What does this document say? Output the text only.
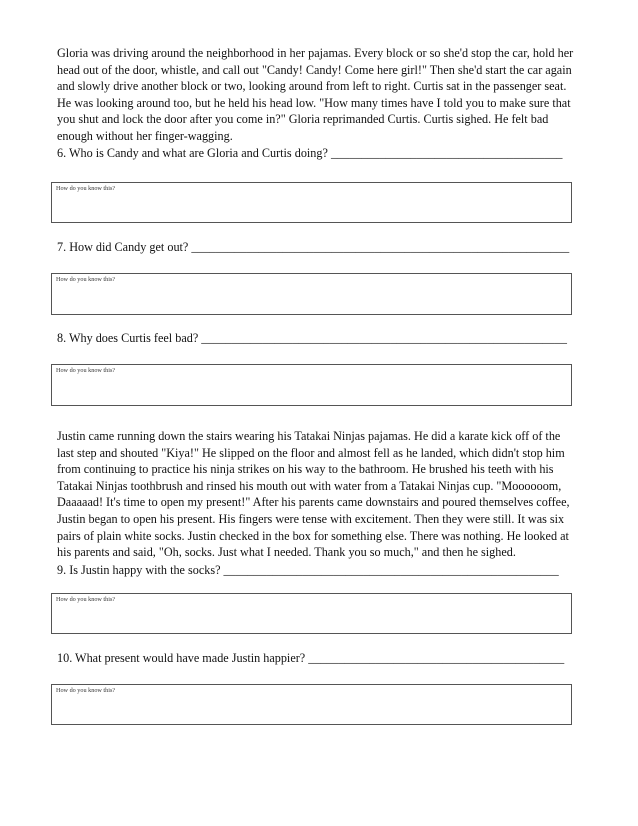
Gloria was driving around the neighborhood in her pajamas. Every block or so she'd stop the car, hold her head out of the door, whistle, and call out "Candy! Candy! Come here girl!" Then she'd start the car again and slowly drive another block or two, looking around from left to right. Curtis sat in the passenger seat. He was looking around too, but he held his head low. "How many times have I told you to make sure that you shut and lock the door after you come in?" Gloria reprimanded Curtis. Curtis sighed. He felt bad enough without her finger-wagging.

6. Who is Candy and what are Gloria and Curtis doing? ______________________________________

How do you know this?

7. How did Candy get out? ______________________________________________________________

How do you know this?

8. Why does Curtis feel bad? ____________________________________________________________

How do you know this?

Justin came running down the stairs wearing his Tatakai Ninjas pajamas. He did a karate kick off of the last step and shouted "Kiya!" He slipped on the floor and almost fell as he landed, which didn't stop him from continuing to practice his ninja strikes on his way to the bathroom. He brushed his teeth with his Tatakai Ninjas toothbrush and rinsed his mouth out with water from a Tatakai Ninjas cup. "Moooooom, Daaaaad! It's time to open my present!" After his parents came downstairs and poured themselves coffee, Justin began to open his present. His fingers were tense with excitement. Then they were still. It was six pairs of plain white socks. Justin checked in the box for something else. There was nothing. He looked at his parents and said, "Oh, socks. Just what I needed. Thank you so much," and then he sighed.

9. Is Justin happy with the socks? _______________________________________________________

How do you know this?

10. What present would have made Justin happier? __________________________________________

How do you know this?
